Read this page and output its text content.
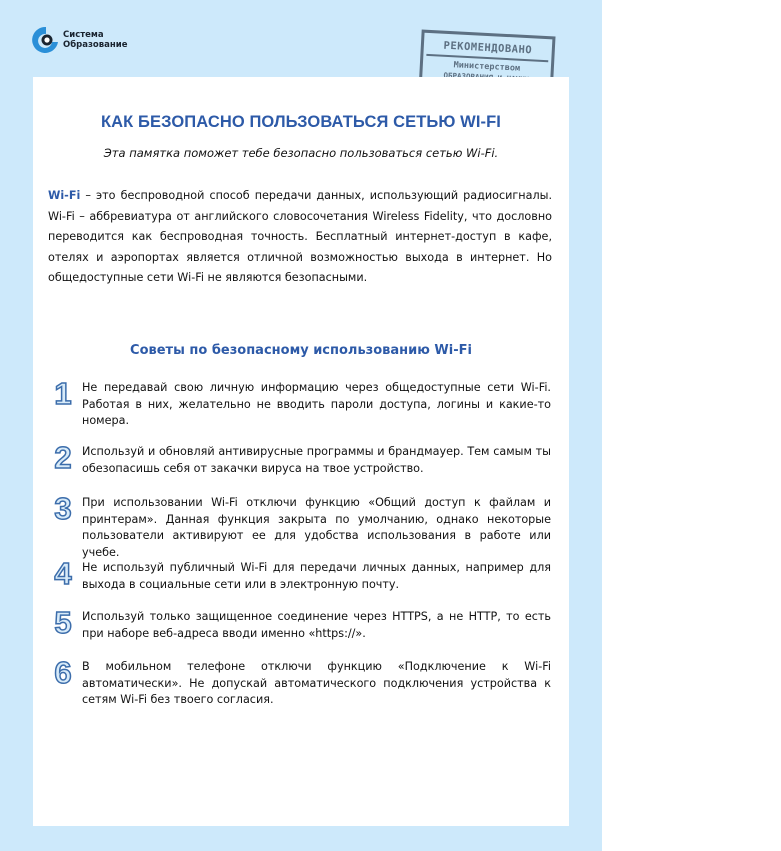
Система
Образование	РЕКОМЕНДОВАНО
Министерством
КАК БЕЗОПАСНО ПОЛЬЗОВАТЬСЯ СЕТЬЮ WI-FI
Эта памятка поможет тебе безопасно пользоваться сетью Wi-Fi.
Wi-Fi – это беспроводной способ передачи данных, использующий радиосигналы. Wi-Fi – аббревиатура от английского словосочетания Wireless Fidelity, что дословно переводится как беспроводная точность. Бесплатный интернет-доступ в кафе, отелях и аэропортах является отличной возможностью выхода в интернет. Но общедоступные сети Wi-Fi не являются безопасными.
Советы по безопасному использованию Wi-Fi
1 Не передавай свою личную информацию через общедоступные сети Wi-Fi. Работая в них, желательно не вводить пароли доступа, логины и какие-то номера.
2 Используй и обновляй антивирусные программы и брандмауер. Тем самым ты обезопасишь себя от закачки вируса на твое устройство.
3 При использовании Wi-Fi отключи функцию «Общий доступ к файлам и принтерам». Данная функция закрыта по умолчанию, однако некоторые пользователи активируют ее для удобства использования в работе или учебе.
4 Не используй публичный Wi-Fi для передачи личных данных, например для выхода в социальные сети или в электронную почту.
5 Используй только защищенное соединение через HTTPS, а не HTTP, то есть при наборе веб-адреса вводи именно «https://».
6 В мобильном телефоне отключи функцию «Подключение к Wi-Fi автоматически». Не допускай автоматического подключения устройства к сетям Wi-Fi без твоего согласия.
